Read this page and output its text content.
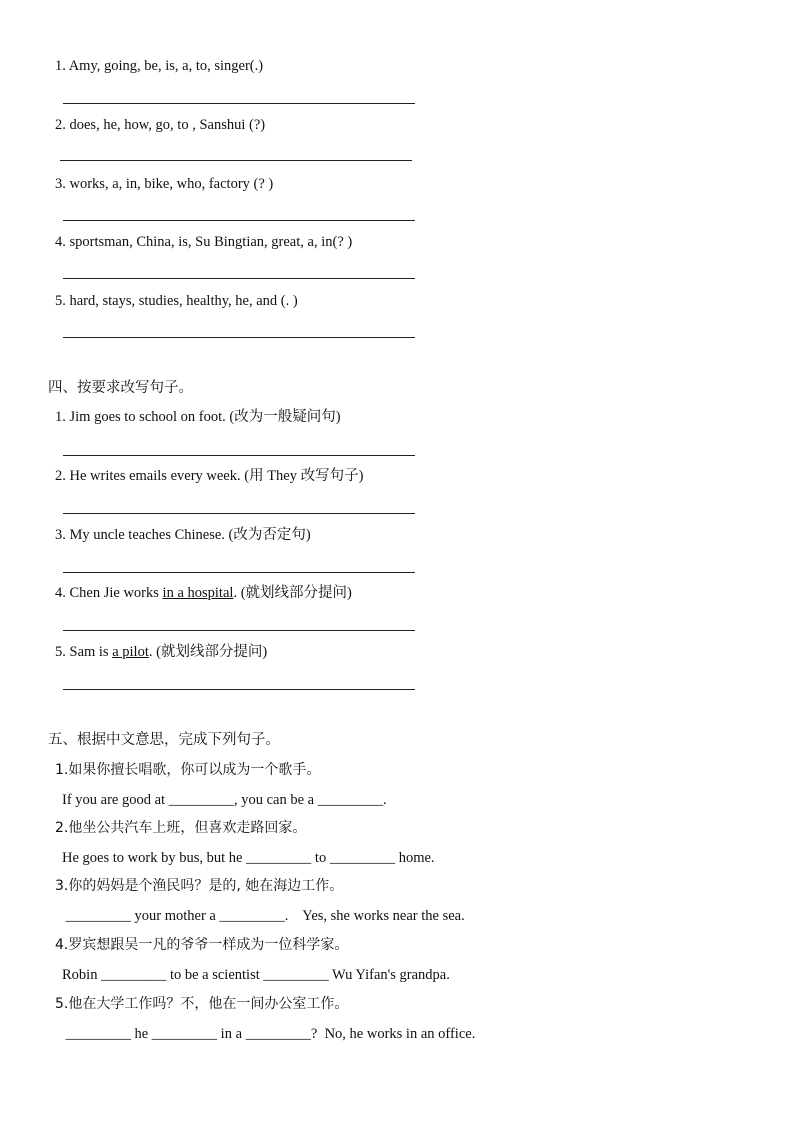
1. Amy, going, be, is, a, to, singer(.)
2. does, he, how, go, to , Sanshui (?)
3. works, a, in, bike, who, factory (? )
4. sportsman, China, is, Su Bingtian, great, a, in(? )
5. hard, stays, studies, healthy, he, and (. )
四、按要求改写句子。
1. Jim goes to school on foot. (改为一般疑问句)
2. He writes emails every week. (用 They 改写句子)
3. My uncle teaches Chinese. (改为否定句)
4. Chen Jie works in a hospital. (就划线部分提问)
5. Sam is a pilot. (就划线部分提问)
五、根据中文意思，完成下列句子。
1.如果你擅长唱歌，你可以成为一个歌手。
If you are good at _________, you can be a _________.
2.他坐公共汽车上班，但喜欢走路回家。
He goes to work by bus, but he _________ to _________ home.
3.你的妈妈是个渔民吗？是的, 她在海边工作。
_________ your mother a _________.    Yes, she works near the sea.
4.罗宾想跟吴一凡的爷爷一样成为一位科学家。
Robin _________ to be a scientist _________ Wu Yifan's grandpa.
5.他在大学工作吗？不，他在一间办公室工作。
_________ he _________ in a _________?  No, he works in an office.
